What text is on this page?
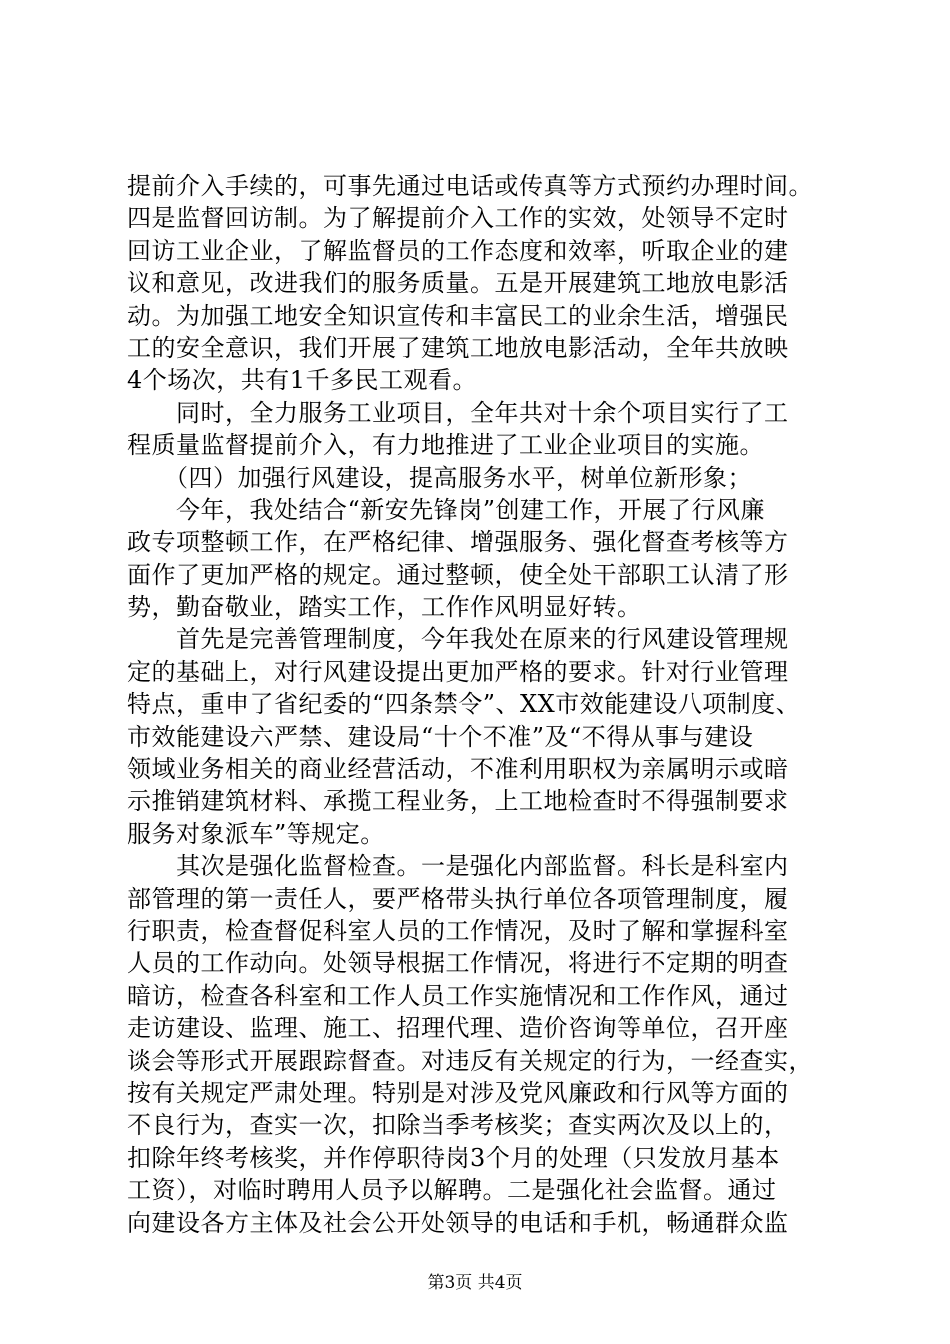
提前介入手续的，可事先通过电话或传真等方式预约办理时间。
四是监督回访制。为了解提前介入工作的实效，处领导不定时
回访工业企业，了解监督员的工作态度和效率，听取企业的建
议和意见，改进我们的服务质量。五是开展建筑工地放电影活
动。为加强工地安全知识宣传和丰富民工的业余生活，增强民
工的安全意识，我们开展了建筑工地放电影活动，全年共放映
4个场次，共有1千多民工观看。
　　同时，全力服务工业项目，全年共对十余个项目实行了工
程质量监督提前介入，有力地推进了工业企业项目的实施。
　　（四）加强行风建设，提高服务水平，树单位新形象；
　　今年，我处结合“新安先锋岗”创建工作，开展了行风廉
政专项整顿工作，在严格纪律、增强服务、强化督查考核等方
面作了更加严格的规定。通过整顿，使全处干部职工认清了形
势，勤奋敬业，踏实工作，工作作风明显好转。
　　首先是完善管理制度，今年我处在原来的行风建设管理规
定的基础上，对行风建设提出更加严格的要求。针对行业管理
特点，重申了省纪委的“四条禁令”、XX市效能建设八项制度、
市效能建设六严禁、建设局“十个不准”及“不得从事与建设
领域业务相关的商业经营活动，不准利用职权为亲属明示或暗
示推销建筑材料、承揽工程业务，上工地检查时不得强制要求
服务对象派车”等规定。
　　其次是强化监督检查。一是强化内部监督。科长是科室内
部管理的第一责任人，要严格带头执行单位各项管理制度，履
行职责，检查督促科室人员的工作情况，及时了解和掌握科室
人员的工作动向。处领导根据工作情况，将进行不定期的明查
暗访，检查各科室和工作人员工作实施情况和工作作风，通过
走访建设、监理、施工、招理代理、造价咨询等单位，召开座
谈会等形式开展跟踪督查。对违反有关规定的行为，一经查实，
按有关规定严肃处理。特别是对涉及党风廉政和行风等方面的
不良行为，查实一次，扣除当季考核奖；查实两次及以上的，
扣除年终考核奖，并作停职待岗3个月的处理（只发放月基本
工资），对临时聘用人员予以解聘。二是强化社会监督。通过
向建设各方主体及社会公开处领导的电话和手机，畅通群众监
第3页 共4页
